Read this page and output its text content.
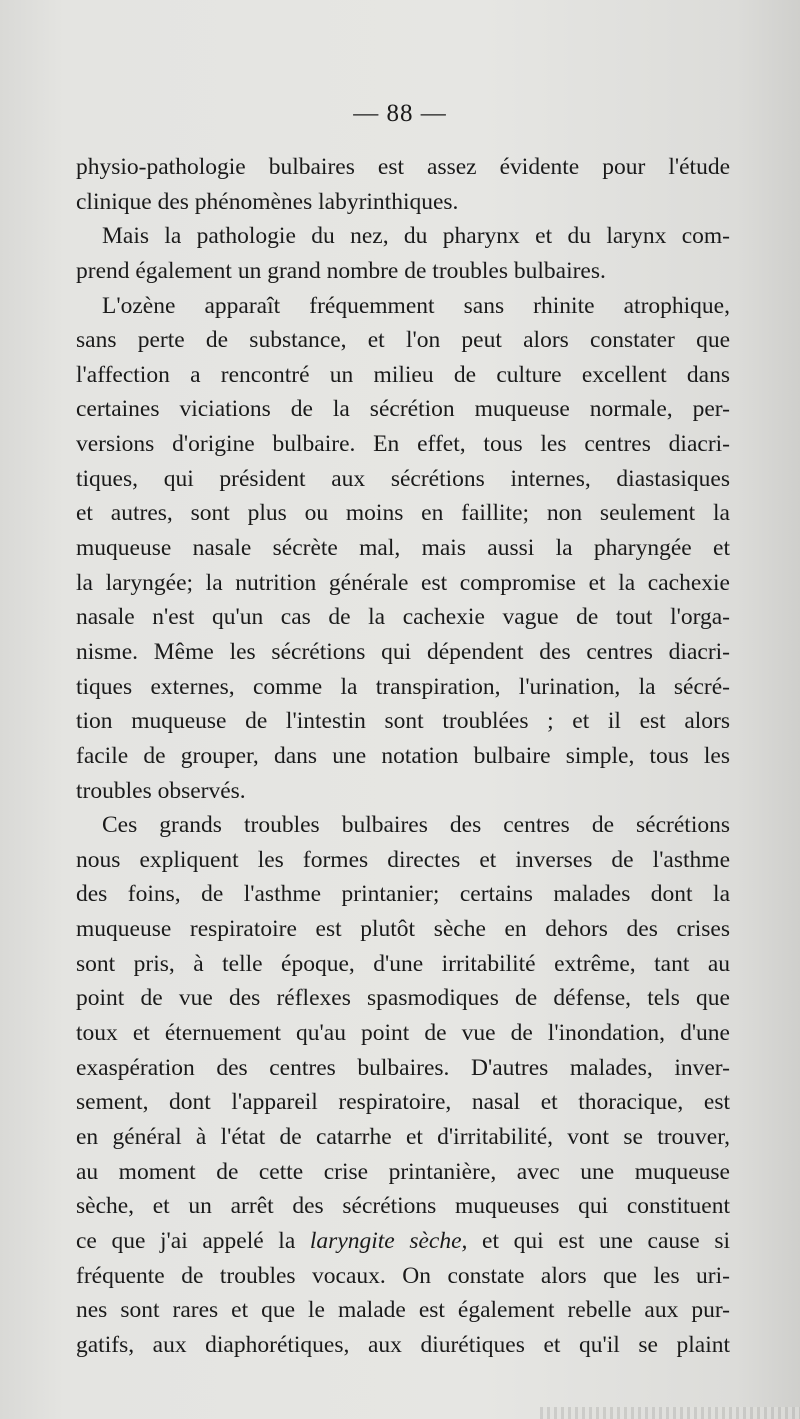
— 88 —
physio-pathologie bulbaires est assez évidente pour l'étude
clinique des phénomènes labyrinthiques.
Mais la pathologie du nez, du pharynx et du larynx com-
prend également un grand nombre de troubles bulbaires.
L'ozène apparaît fréquemment sans rhinite atrophique,
sans perte de substance, et l'on peut alors constater que
l'affection a rencontré un milieu de culture excellent dans
certaines viciations de la sécrétion muqueuse normale, per-
versions d'origine bulbaire. En effet, tous les centres diacri-
tiques, qui président aux sécrétions internes, diastasiques
et autres, sont plus ou moins en faillite; non seulement la
muqueuse nasale sécrète mal, mais aussi la pharyngée et
la laryngée; la nutrition générale est compromise et la cachexie
nasale n'est qu'un cas de la cachexie vague de tout l'orga-
nisme. Même les sécrétions qui dépendent des centres diacri-
tiques externes, comme la transpiration, l'urination, la sécré-
tion muqueuse de l'intestin sont troublées ; et il est alors
facile de grouper, dans une notation bulbaire simple, tous les
troubles observés.
Ces grands troubles bulbaires des centres de sécrétions
nous expliquent les formes directes et inverses de l'asthme
des foins, de l'asthme printanier; certains malades dont la
muqueuse respiratoire est plutôt sèche en dehors des crises
sont pris, à telle époque, d'une irritabilité extrême, tant au
point de vue des réflexes spasmodiques de défense, tels que
toux et éternuement qu'au point de vue de l'inondation, d'une
exaspération des centres bulbaires. D'autres malades, inver-
sement, dont l'appareil respiratoire, nasal et thoracique, est
en général à l'état de catarrhe et d'irritabilité, vont se trouver,
au moment de cette crise printanière, avec une muqueuse
sèche, et un arrêt des sécrétions muqueuses qui constituent
ce que j'ai appelé la laryngite sèche, et qui est une cause si
fréquente de troubles vocaux. On constate alors que les uri-
nes sont rares et que le malade est également rebelle aux pur-
gatifs, aux diaphorétiques, aux diurétiques et qu'il se plaint
